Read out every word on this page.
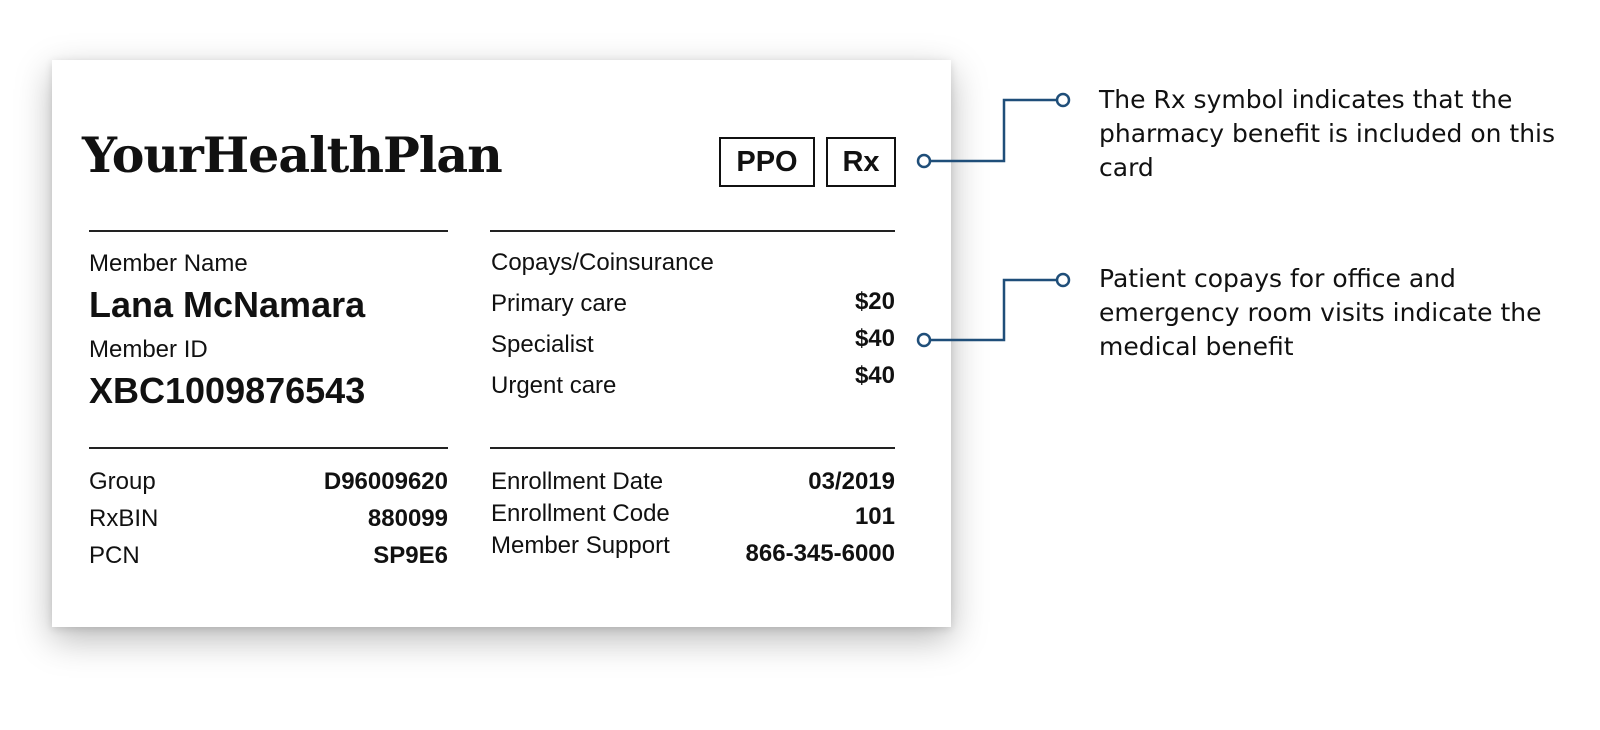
YourHealthPlan	PPO	Rx
Member Name
Lana McNamara
Member ID
XBC1009876543
Copays/Coinsurance
Primary care	$20
Specialist	$40
Urgent care	$40
Group	D96009620
RxBIN	880099
PCN	SP9E6
Enrollment Date	03/2019
Enrollment Code	101
Member Support	866-345-6000
The Rx symbol indicates that the pharmacy benefit is included on this card
Patient copays for office and emergency room visits indicate the medical benefit
